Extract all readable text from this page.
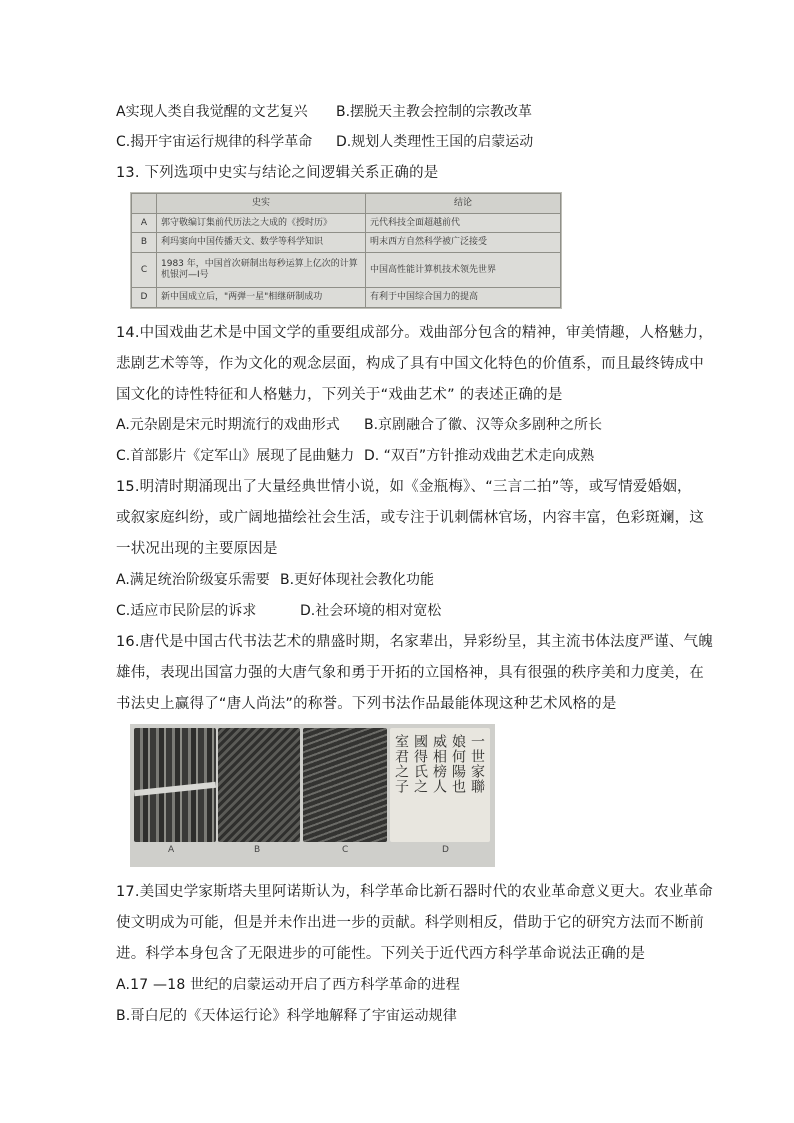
A实现人类自我觉醒的文艺复兴 B.摆脱天主教会控制的宗教改革
C.揭开宇宙运行规律的科学革命 D.规划人类理性王国的启蒙运动
13. 下列选项中史实与结论之间逻辑关系正确的是
	史实	结论
A	郭守敬编订集前代历法之大成的《授时历》	元代科技全面超越前代
B	利玛窦向中国传播天文、数学等科学知识	明末西方自然科学被广泛接受
C	1983 年，中国首次研制出每秒运算上亿次的计算机银河—I号	中国高性能计算机技术领先世界
D	新中国成立后，"两弹一星"相继研制成功	有利于中国综合国力的提高
14.中国戏曲艺术是中国文学的重要组成部分。戏曲部分包含的精神，审美情趣，人格魅力，
悲剧艺术等等，作为文化的观念层面，构成了具有中国文化特色的价值系，而且最终铸成中
国文化的诗性特征和人格魅力，下列关于“戏曲艺术” 的表述正确的是
A.元杂剧是宋元时期流行的戏曲形式 B.京剧融合了徽、汉等众多剧种之所长
C.首部影片《定军山》展现了昆曲魅力 D. “双百”方针推动戏曲艺术走向成熟
15.明清时期涌现出了大量经典世情小说，如《金瓶梅》、“三言二拍”等，或写情爱婚姻，
或叙家庭纠纷，或广阔地描绘社会生活，或专注于讥刺儒林官场，内容丰富，色彩斑斓，这
一状况出现的主要原因是
A.满足统治阶级宴乐需要 B.更好体现社会教化功能
C.适应市民阶层的诉求	D.社会环境的相对宽松
16.唐代是中国古代书法艺术的鼎盛时期，名家辈出，异彩纷呈，其主流书体法度严谨、气魄
雄伟，表现出国富力强的大唐气象和勇于开拓的立国格神，具有很强的秩序美和力度美，在
书法史上赢得了“唐人尚法”的称誉。下列书法作品最能体现这种艺术风格的是
一世家聯
娘何陽也
威相榜人
國得氏之
室君之子
A	B	C	D
17.美国史学家斯塔夫里阿诺斯认为，科学革命比新石器时代的农业革命意义更大。农业革命
使文明成为可能，但是并未作出进一步的贡献。科学则相反，借助于它的研究方法而不断前
进。科学本身包含了无限进步的可能性。下列关于近代西方科学革命说法正确的是
A.17 —18 世纪的启蒙运动开启了西方科学革命的进程
B.哥白尼的《天体运行论》科学地解释了宇宙运动规律
